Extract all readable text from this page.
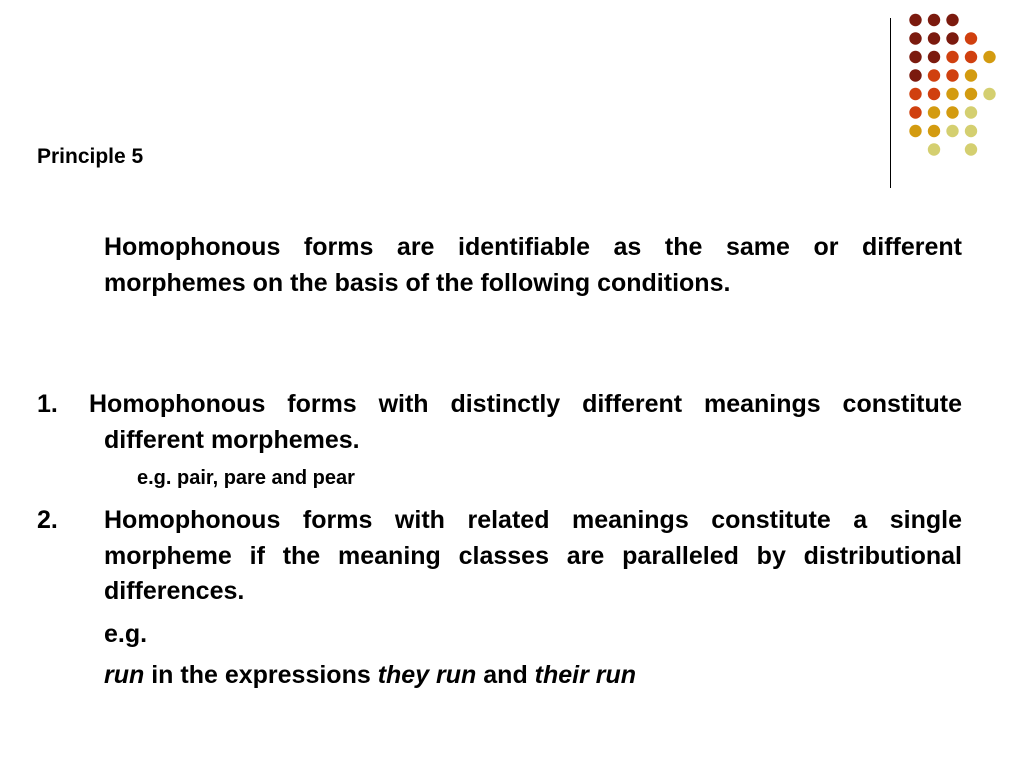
Principle 5

Homophonous forms are identifiable as the same or different morphemes on the basis of the following conditions.

1. Homophonous forms with distinctly different meanings constitute different morphemes.

e.g. pair, pare and pear

2. Homophonous forms with related meanings constitute a single morpheme if the meaning classes are paralleled by distributional differences.

e.g.

run in the expressions they run and their run
